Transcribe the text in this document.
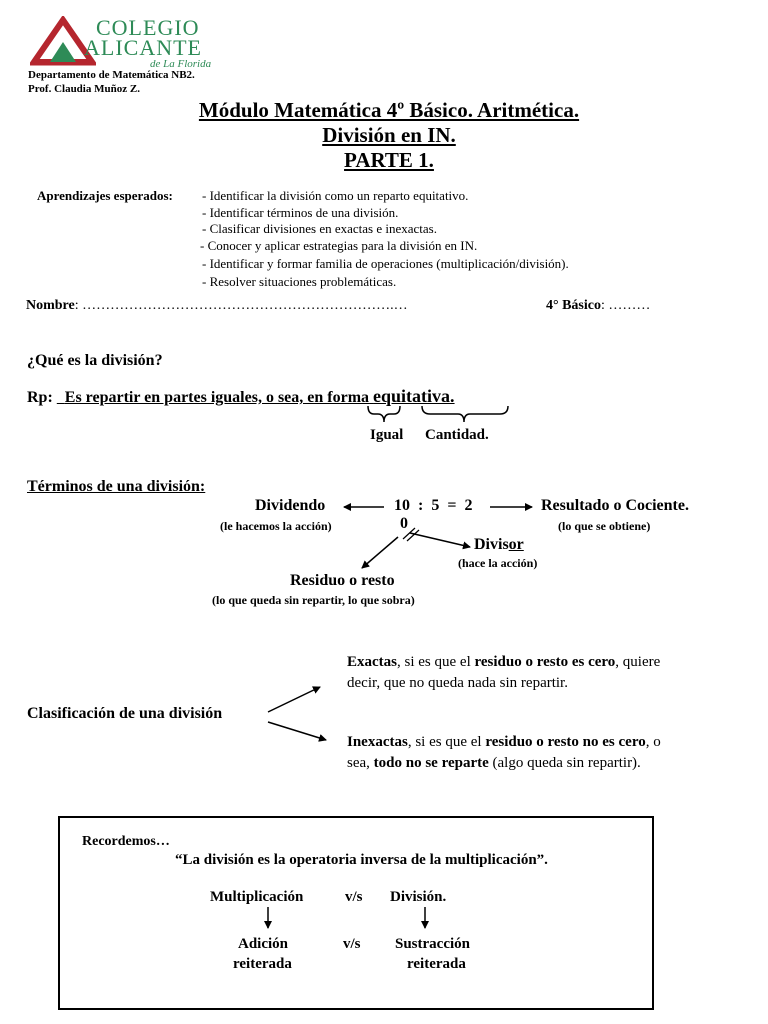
COLEGIO
ALICANTE
de La Florida
Departamento de Matemática NB2.
Prof. Claudia Muñoz Z.
Módulo Matemática 4º Básico. Aritmética.
División en IN.
PARTE 1.
Aprendizajes esperados: - Identificar la división como un reparto equitativo.
- Identificar términos de una división.
- Clasificar divisiones en exactas e inexactas.
- Conocer y aplicar estrategias para la división en IN.
- Identificar y formar familia de operaciones (multiplicación/división).
- Resolver situaciones problemáticas.
Nombre: ………………………………………………………….…	4° Básico: ………
¿Qué es la división?
Rp: Es repartir en partes iguales, o sea, en forma equitativa.
Igual Cantidad.
Términos de una división:
Dividendo
(le hacemos la acción)
10 : 5 = 2
0
Resultado o Cociente.
(lo que se obtiene)
Divisor
(hace la acción)
Residuo o resto
(lo que queda sin repartir, lo que sobra)
Clasificación de una división
Exactas, si es que el residuo o resto es cero, quiere
decir, que no queda nada sin repartir.
Inexactas, si es que el residuo o resto no es cero, o
sea, todo no se reparte (algo queda sin repartir).
Recordemos…
“La división es la operatoria inversa de la multiplicación”.
Multiplicación	v/s División.
Adición
reiterada
v/s Sustracción
reiterada
